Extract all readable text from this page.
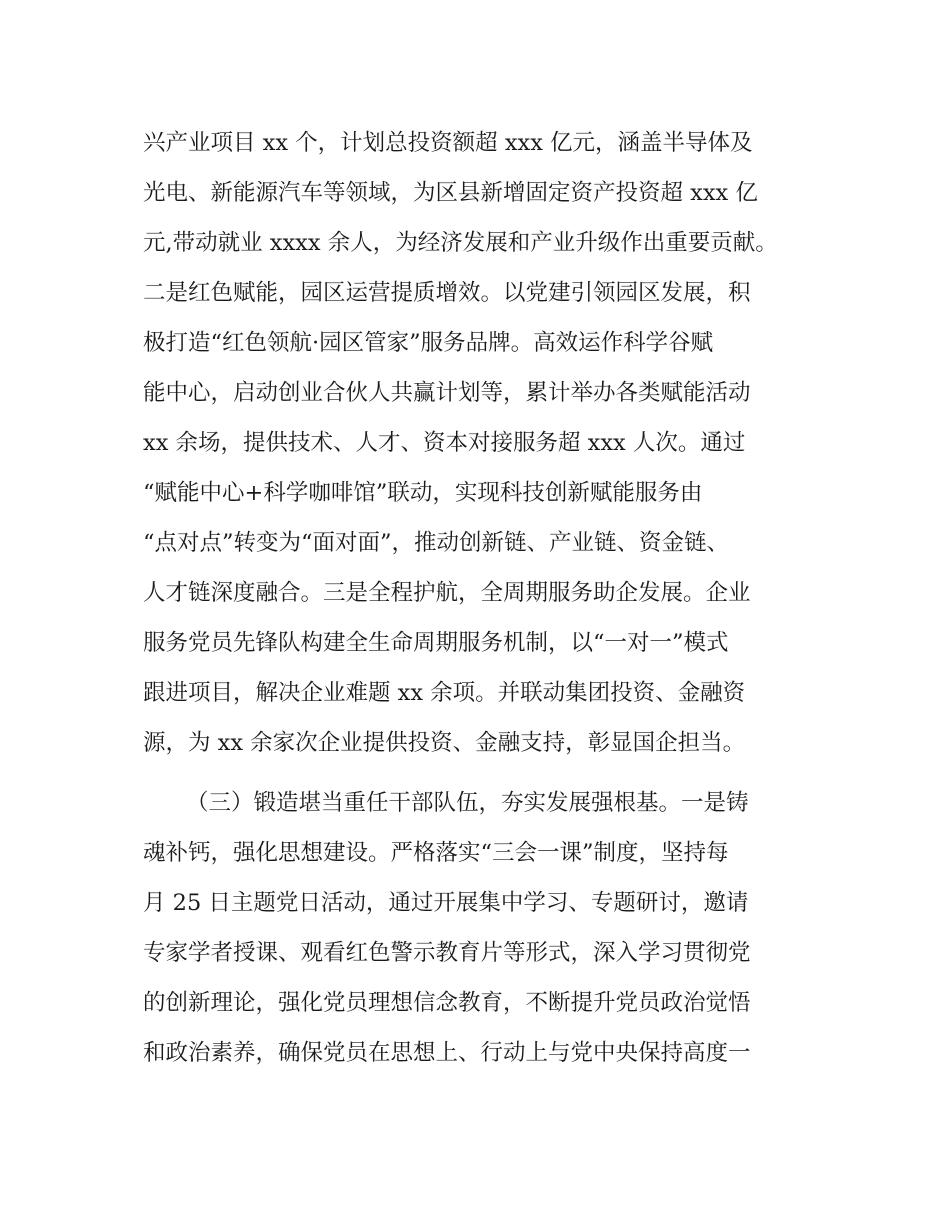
兴产业项目 xx 个，计划总投资额超 xxx 亿元，涵盖半导体及
光电、新能源汽车等领域，为区县新增固定资产投资超 xxx 亿
元,带动就业 xxxx 余人，为经济发展和产业升级作出重要贡献。
二是红色赋能，园区运营提质增效。以党建引领园区发展，积
极打造“红色领航·园区管家”服务品牌。高效运作科学谷赋
能中心，启动创业合伙人共赢计划等，累计举办各类赋能活动
xx 余场，提供技术、人才、资本对接服务超 xxx 人次。通过
“赋能中心+科学咖啡馆”联动，实现科技创新赋能服务由
“点对点”转变为“面对面”，推动创新链、产业链、资金链、
人才链深度融合。三是全程护航，全周期服务助企发展。企业
服务党员先锋队构建全生命周期服务机制，以“一对一”模式
跟进项目，解决企业难题 xx 余项。并联动集团投资、金融资
源，为 xx 余家次企业提供投资、金融支持，彰显国企担当。
（三）锻造堪当重任干部队伍，夯实发展强根基。一是铸
魂补钙，强化思想建设。严格落实“三会一课”制度，坚持每
月 25 日主题党日活动，通过开展集中学习、专题研讨，邀请
专家学者授课、观看红色警示教育片等形式，深入学习贯彻党
的创新理论，强化党员理想信念教育，不断提升党员政治觉悟
和政治素养，确保党员在思想上、行动上与党中央保持高度一
